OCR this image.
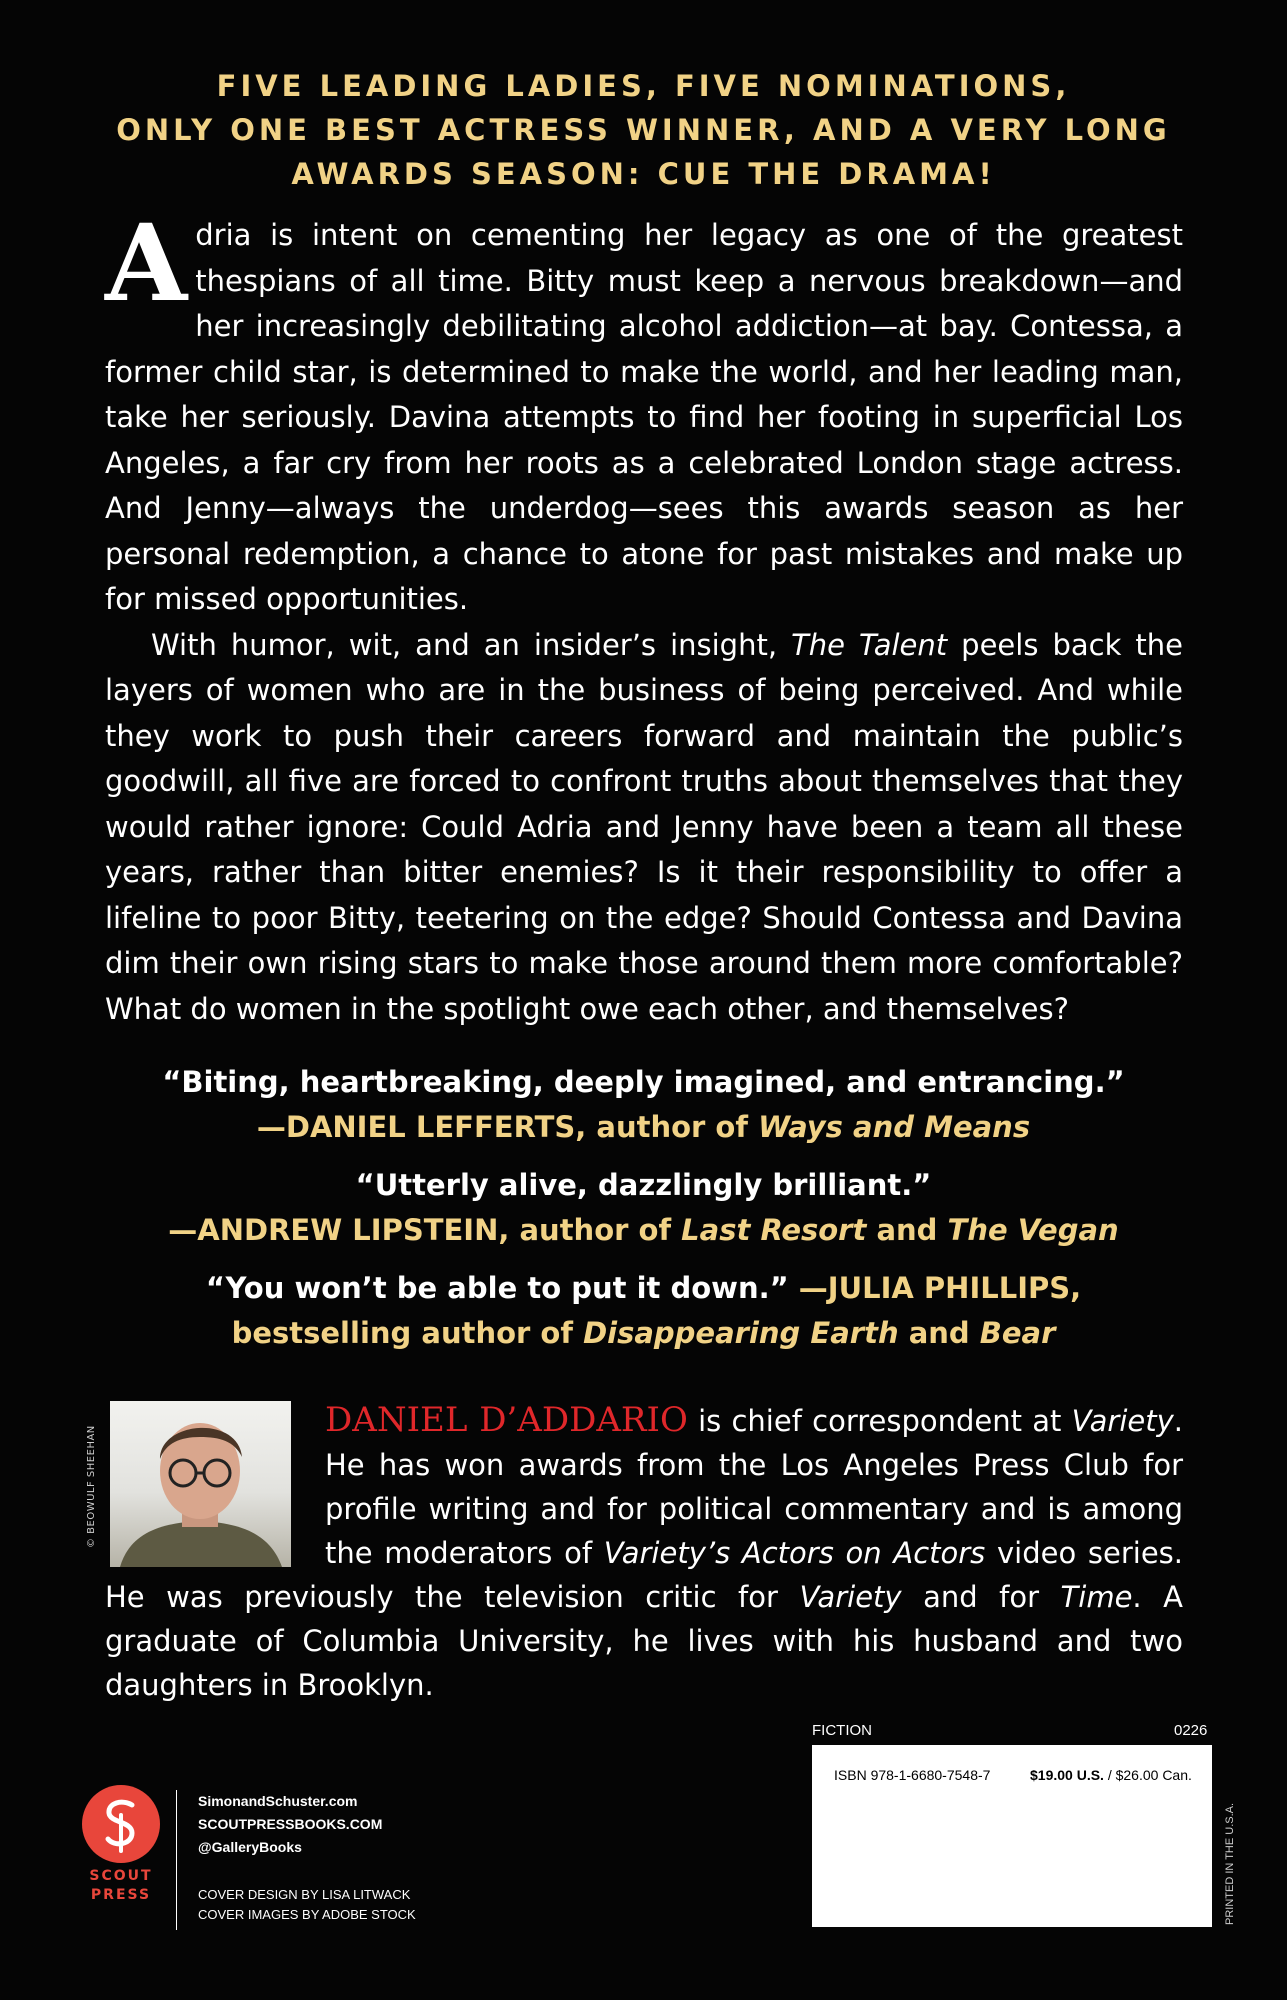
FIVE LEADING LADIES, FIVE NOMINATIONS,
ONLY ONE BEST ACTRESS WINNER, AND A VERY LONG
AWARDS SEASON: CUE THE DRAMA!

Adria is intent on cementing her legacy as one of the greatest thespians of all time. Bitty must keep a nervous breakdown—and her increasingly debilitating alcohol addiction—at bay. Contessa, a former child star, is determined to make the world, and her leading man, take her seriously. Davina attempts to find her footing in superficial Los Angeles, a far cry from her roots as a celebrated London stage actress. And Jenny—always the underdog—sees this awards season as her personal redemption, a chance to atone for past mistakes and make up for missed opportunities.

With humor, wit, and an insider’s insight, The Talent peels back the layers of women who are in the business of being perceived. And while they work to push their careers forward and maintain the public’s goodwill, all five are forced to confront truths about themselves that they would rather ignore: Could Adria and Jenny have been a team all these years, rather than bitter enemies? Is it their responsibility to offer a lifeline to poor Bitty, teetering on the edge? Should Contessa and Davina dim their own rising stars to make those around them more comfortable? What do women in the spotlight owe each other, and themselves?

“Biting, heartbreaking, deeply imagined, and entrancing.”
—DANIEL LEFFERTS, author of Ways and Means
“Utterly alive, dazzlingly brilliant.”
—ANDREW LIPSTEIN, author of Last Resort and The Vegan
“You won’t be able to put it down.” —JULIA PHILLIPS,
bestselling author of Disappearing Earth and Bear
© BEOWULF SHEEHAN

DANIEL D’ADDARIO is chief correspondent at Variety. He has won awards from the Los Angeles Press Club for profile writing and for political commentary and is among the moderators of Variety’s Actors on Actors video series. He was previously the television critic for Variety and for Time. A graduate of Columbia University, he lives with his husband and two daughters in Brooklyn.

SCOUT
PRESS
SimonandSchuster.com
SCOUTPRESSBOOKS.COM
@GalleryBooks
COVER DESIGN BY LISA LITWACK
COVER IMAGES BY ADOBE STOCK
FICTION	0226
ISBN 978-1-6680-7548-7	$19.00 U.S. / $26.00 Can.
PRINTED IN THE U.S.A.
